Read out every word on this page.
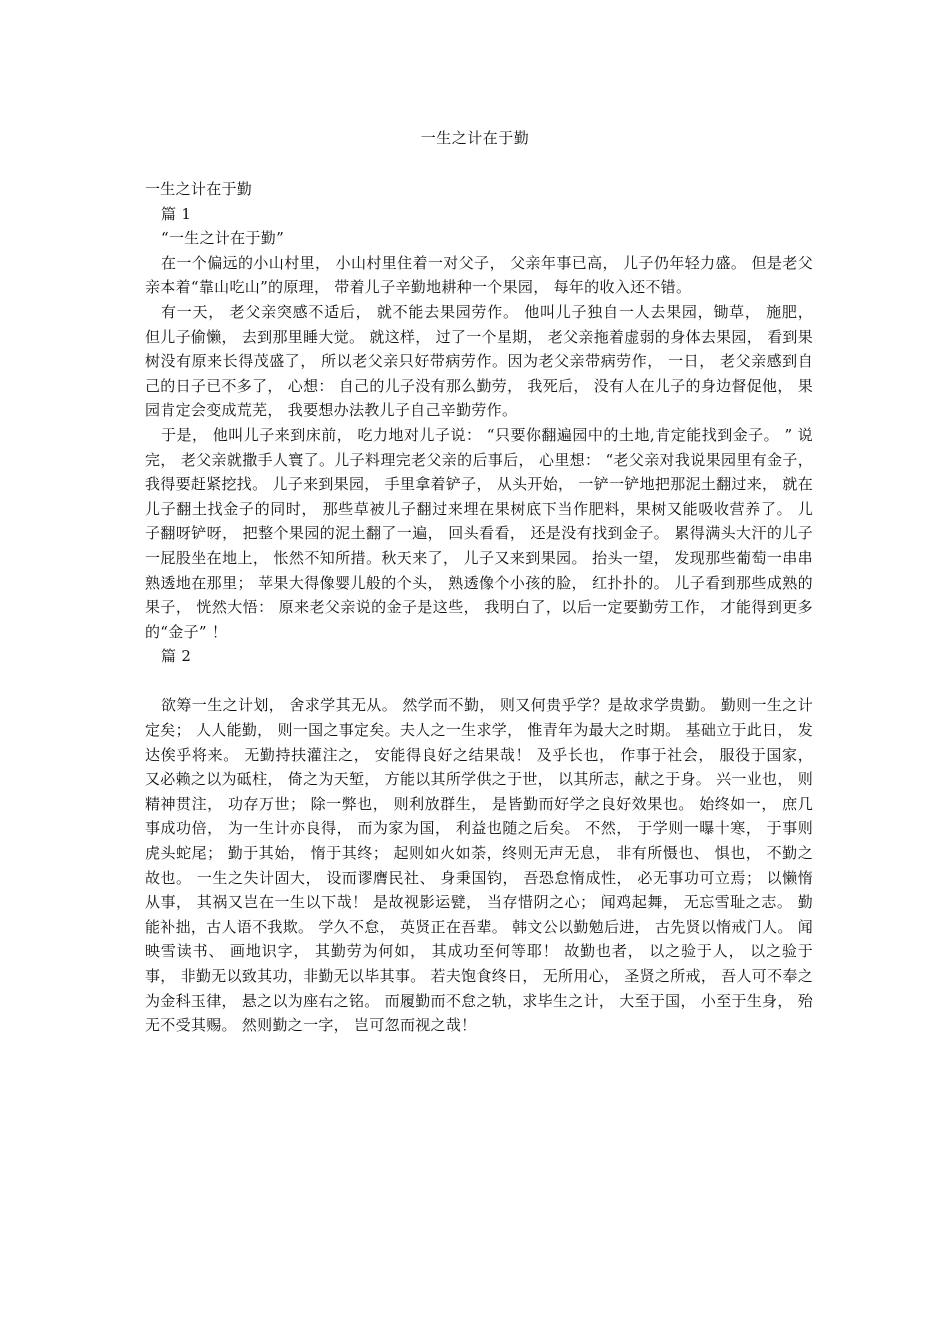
一生之计在于勤

一生之计在于勤

篇 1

“一生之计在于勤”

在一个偏远的小山村里， 小山村里住着一对父子， 父亲年事已高， 儿子仍年轻力盛。 但是老父亲本着“靠山吃山”的原理， 带着儿子辛勤地耕种一个果园， 每年的收入还不错。

有一天， 老父亲突感不适后， 就不能去果园劳作。 他叫儿子独自一人去果园，锄草， 施肥， 但儿子偷懒， 去到那里睡大觉。 就这样， 过了一个星期， 老父亲拖着虚弱的身体去果园， 看到果树没有原来长得茂盛了， 所以老父亲只好带病劳作。因为老父亲带病劳作， 一日， 老父亲感到自己的日子已不多了， 心想： 自己的儿子没有那么勤劳， 我死后， 没有人在儿子的身边督促他， 果园肯定会变成荒芜， 我要想办法教儿子自己辛勤劳作。

于是， 他叫儿子来到床前， 吃力地对儿子说： “只要你翻遍园中的土地,肯定能找到金子。 ” 说完， 老父亲就撒手人寰了。儿子料理完老父亲的后事后， 心里想： “老父亲对我说果园里有金子，我得要赶紧挖找。 儿子来到果园， 手里拿着铲子， 从头开始， 一铲一铲地把那泥土翻过来， 就在儿子翻土找金子的同时， 那些草被儿子翻过来埋在果树底下当作肥料，果树又能吸收营养了。 儿子翻呀铲呀， 把整个果园的泥土翻了一遍， 回头看看， 还是没有找到金子。 累得满头大汗的儿子一屁股坐在地上， 怅然不知所措。秋天来了， 儿子又来到果园。 抬头一望， 发现那些葡萄一串串熟透地在那里； 苹果大得像婴儿般的个头， 熟透像个小孩的脸， 红扑扑的。 儿子看到那些成熟的果子， 恍然大悟： 原来老父亲说的金子是这些， 我明白了，以后一定要勤劳工作， 才能得到更多的“金子” ！

篇 2

欲筹一生之计划， 舍求学其无从。 然学而不勤， 则又何贵乎学？是故求学贵勤。 勤则一生之计定矣； 人人能勤， 则一国之事定矣。夫人之一生求学， 惟青年为最大之时期。 基础立于此日， 发达俟乎将来。 无勤持扶灌注之， 安能得良好之结果哉！ 及乎长也， 作事于社会， 服役于国家， 又必赖之以为砥柱， 倚之为天堑， 方能以其所学供之于世， 以其所志，献之于身。 兴一业也， 则精神贯注， 功存万世； 除一弊也， 则利放群生， 是皆勤而好学之良好效果也。 始终如一， 庶几事成功倍， 为一生计亦良得， 而为家为国， 利益也随之后矣。 不然， 于学则一曝十寒， 于事则虎头蛇尾； 勤于其始， 惰于其终； 起则如火如荼，终则无声无息， 非有所慑也、 惧也， 不勤之故也。 一生之失计固大， 设而谬膺民社、 身秉国钧， 吾恐怠惰成性， 必无事功可立焉； 以懒惰从事， 其祸又岂在一生以下哉！ 是故视影运甓， 当存惜阴之心； 闻鸡起舞， 无忘雪耻之志。 勤能补拙，古人语不我欺。 学久不怠， 英贤正在吾辈。 韩文公以勤勉后进， 古先贤以惰戒门人。 闻映雪读书、 画地识字， 其勤劳为何如， 其成功至何等耶！ 故勤也者， 以之验于人， 以之验于事， 非勤无以致其功，非勤无以毕其事。 若夫饱食终日， 无所用心， 圣贤之所戒， 吾人可不奉之为金科玉律， 悬之以为座右之铭。 而履勤而不怠之轨，求毕生之计， 大至于国， 小至于生身， 殆无不受其赐。 然则勤之一字， 岂可忽而视之哉！
